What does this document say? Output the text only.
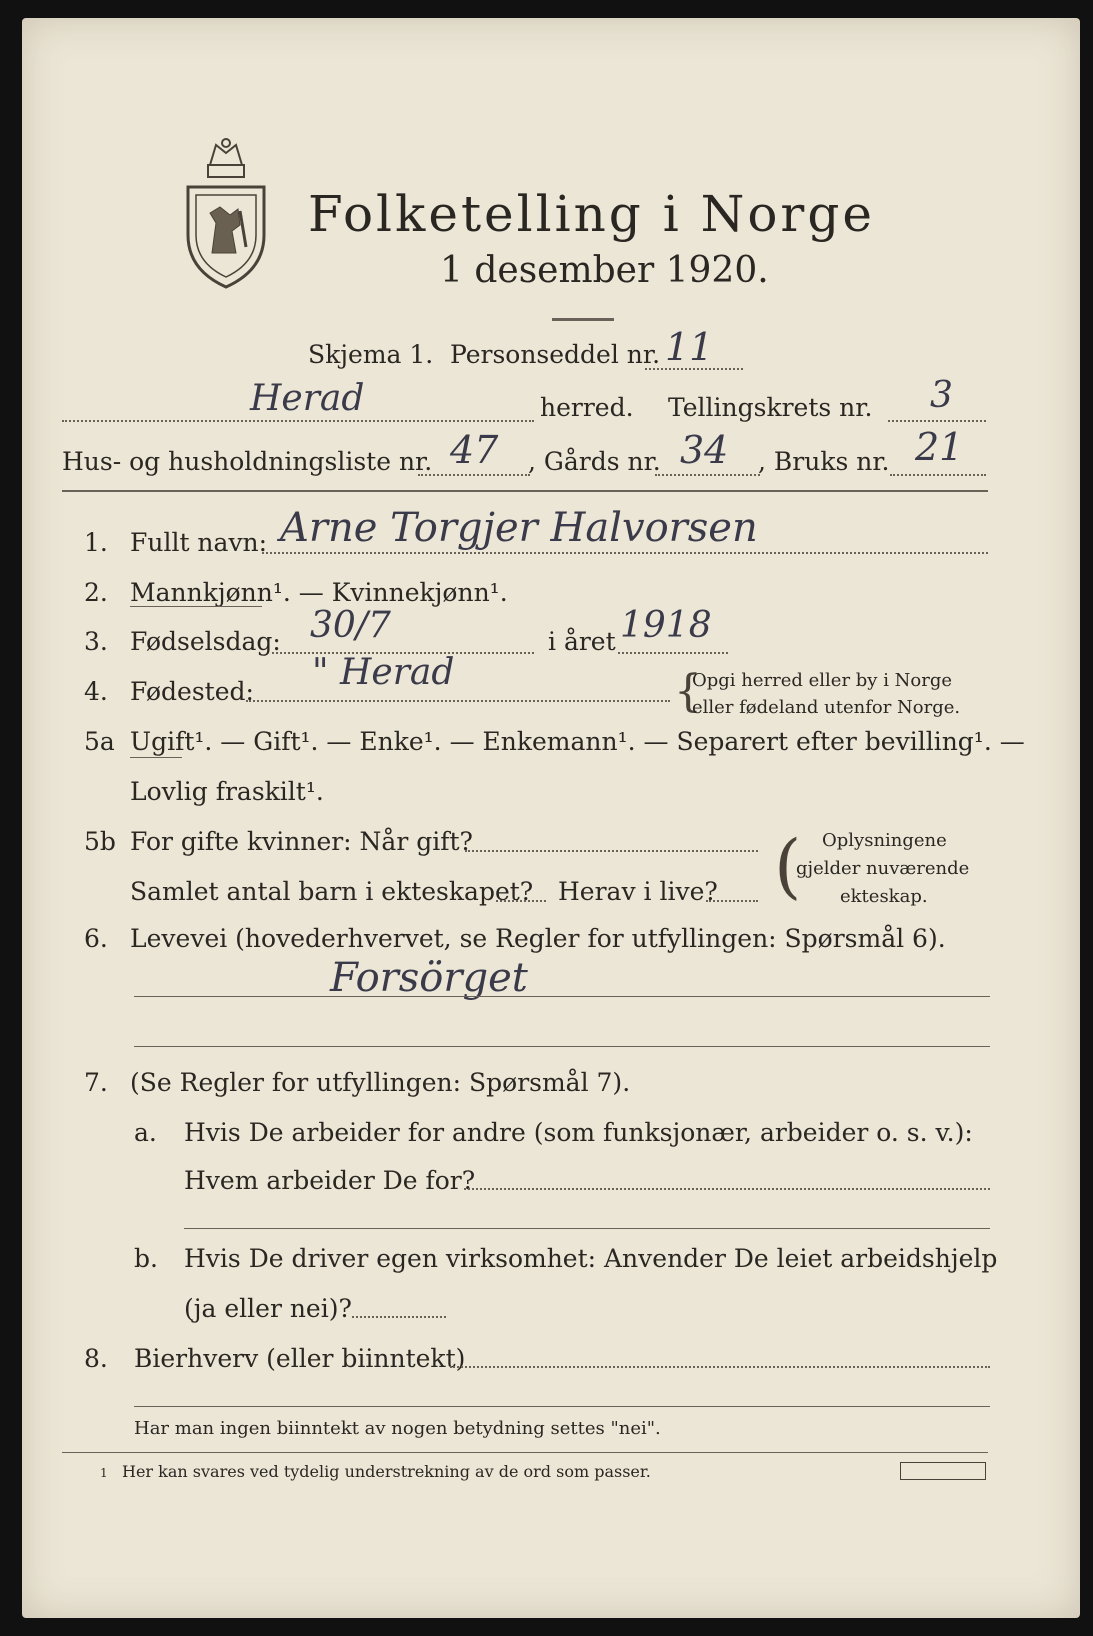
Folketelling i Norge
1 desember 1920.
Skjema 1. Personseddel nr. 11
Herad	herred. Tellingskrets nr. 3
Hus- og husholdningsliste nr. 47 , Gårds nr. 34 , Bruks nr. 21
1. Fullt navn: Arne Torgjer Halvorsen
2. Mannkjønn¹. — Kvinnekjønn¹.
3. Fødselsdag: 30/7	i året 1918
4. Fødested: " Herad	{
Opgi herred eller by i Norge
eller fødeland utenfor Norge.
5a Ugift¹. — Gift¹. — Enke¹. — Enkemann¹. — Separert efter bevilling¹. —
Lovlig fraskilt¹.
5b For gifte kvinner: Når gift?
Samlet antal barn i ekteskapet? Herav i live? ( Oplysningene
gjelder nuværende
ekteskap.
6. Levevei (hovederhvervet, se Regler for utfyllingen: Spørsmål 6).
Forsörget
7. (Se Regler for utfyllingen: Spørsmål 7).
a. Hvis De arbeider for andre (som funksjonær, arbeider o. s. v.):
Hvem arbeider De for?
b. Hvis De driver egen virksomhet: Anvender De leiet arbeidshjelp
(ja eller nei)?
8. Bierhverv (eller biinntekt)
Har man ingen biinntekt av nogen betydning settes "nei".
1 Her kan svares ved tydelig understrekning av de ord som passer.
